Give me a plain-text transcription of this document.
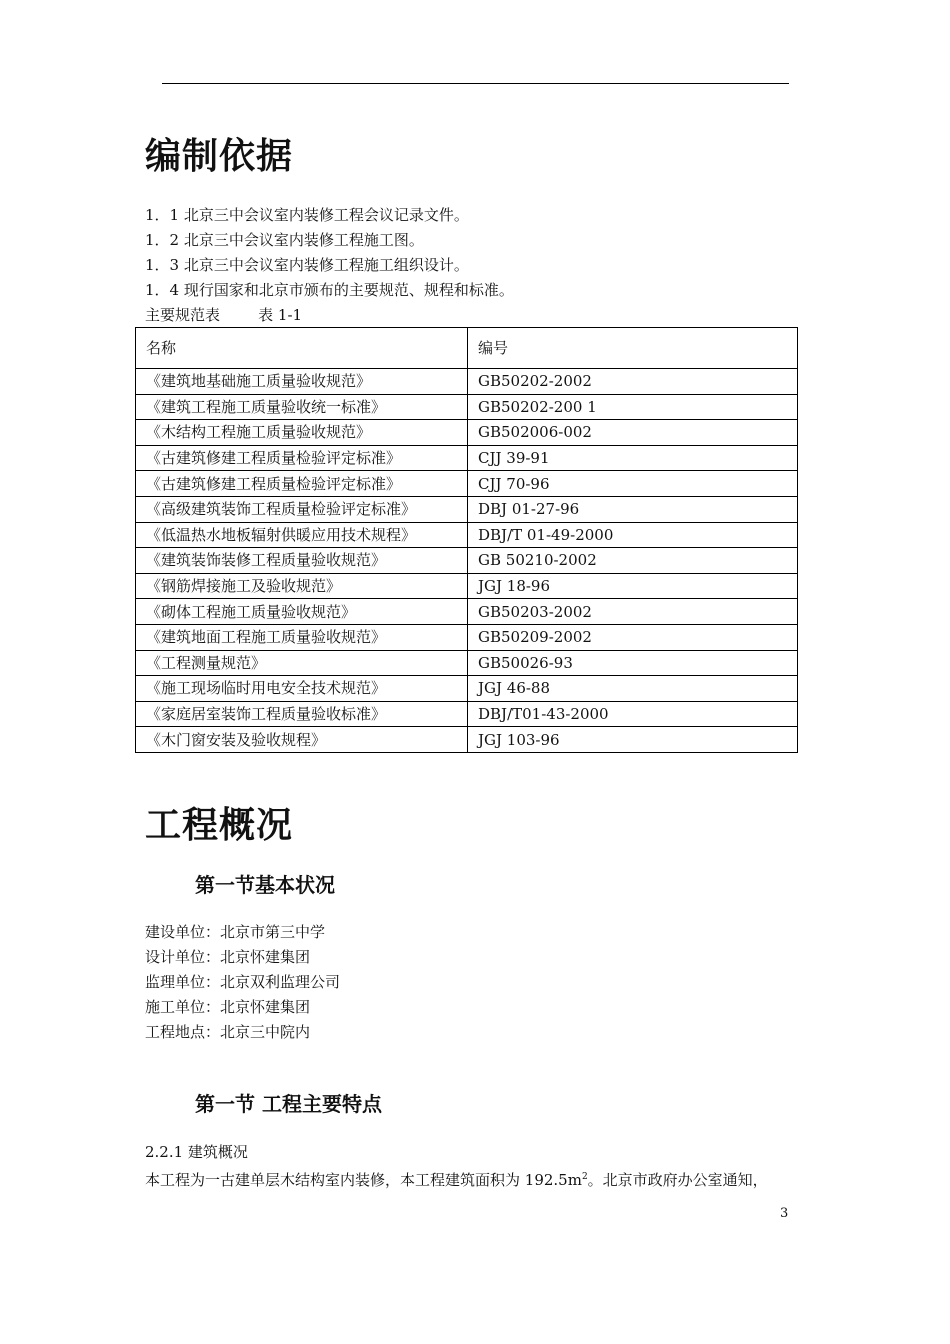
编制依据
1．1 北京三中会议室内装修工程会议记录文件。
1．2 北京三中会议室内装修工程施工图。
1．3 北京三中会议室内装修工程施工组织设计。
1．4 现行国家和北京市颁布的主要规范、规程和标准。
主要规范表        表 1-1
名称	编号
《建筑地基础施工质量验收规范》	GB50202-2002
《建筑工程施工质量验收统一标准》	GB50202-200 1
《木结构工程施工质量验收规范》	GB502006-002
《古建筑修建工程质量检验评定标准》	CJJ 39-91
《古建筑修建工程质量检验评定标准》	CJJ 70-96
《高级建筑装饰工程质量检验评定标准》	DBJ 01-27-96
《低温热水地板辐射供暖应用技术规程》	DBJ/T 01-49-2000
《建筑装饰装修工程质量验收规范》	GB 50210-2002
《钢筋焊接施工及验收规范》	JGJ 18-96
《砌体工程施工质量验收规范》	GB50203-2002
《建筑地面工程施工质量验收规范》	GB50209-2002
《工程测量规范》	GB50026-93
《施工现场临时用电安全技术规范》	JGJ 46-88
《家庭居室装饰工程质量验收标准》	DBJ/T01-43-2000
《木门窗安装及验收规程》	JGJ 103-96
工程概况
第一节基本状况
建设单位：北京市第三中学
设计单位：北京怀建集团
监理单位：北京双利监理公司
施工单位：北京怀建集团
工程地点：北京三中院内
第一节 工程主要特点
2.2.1 建筑概况
本工程为一古建单层木结构室内装修，本工程建筑面积为 $192.5m^2$。北京市政府办公室通知，
3
